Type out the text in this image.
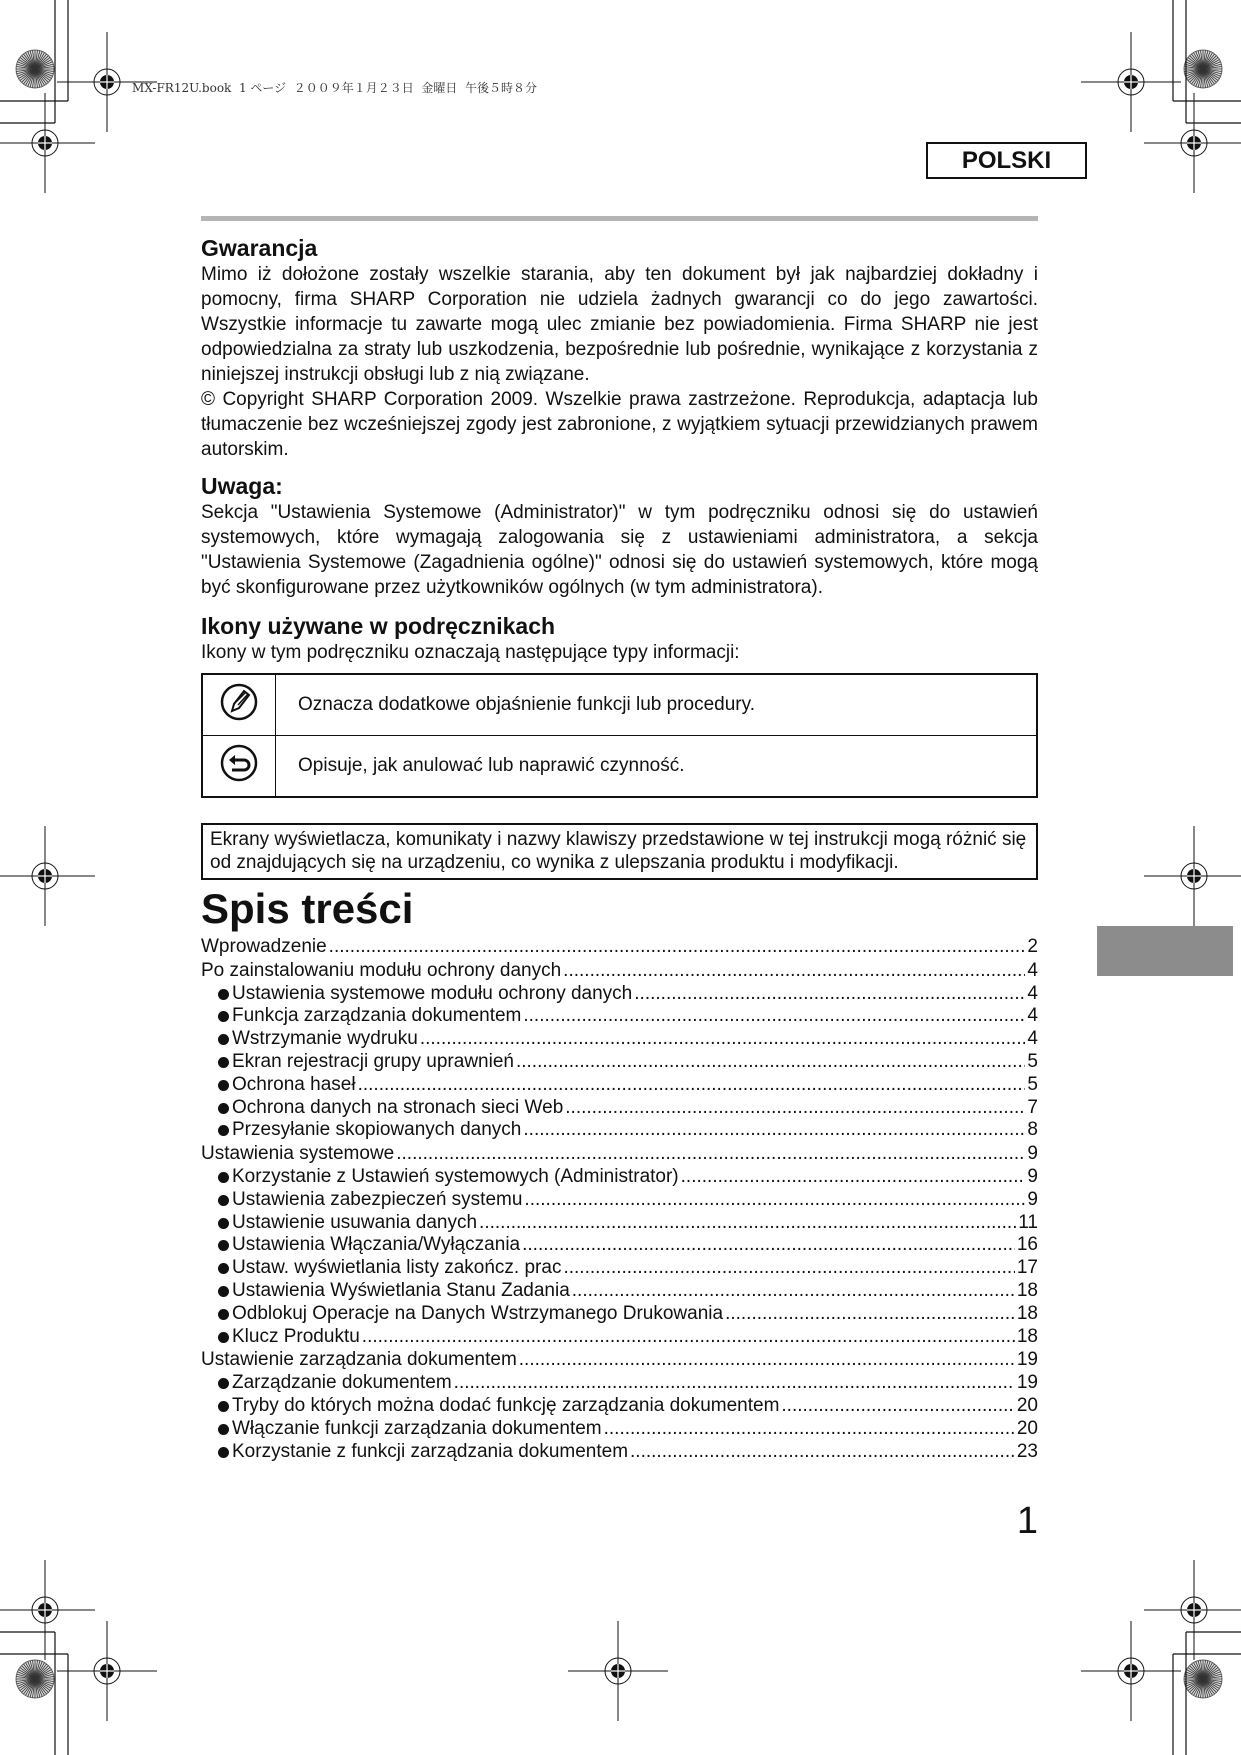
MX-FR12U.book  1 ページ  ２００９年１月２３日  金曜日  午後５時８分
POLSKI
Gwarancja

Mimo iż dołożone zostały wszelkie starania, aby ten dokument był jak najbardziej dokładny i pomocny, firma SHARP Corporation nie udziela żadnych gwarancji co do jego zawartości. Wszystkie informacje tu zawarte mogą ulec zmianie bez powiadomienia. Firma SHARP nie jest odpowiedzialna za straty lub uszkodzenia, bezpośrednie lub pośrednie, wynikające z korzystania z niniejszej instrukcji obsługi lub z nią związane.

© Copyright SHARP Corporation 2009. Wszelkie prawa zastrzeżone. Reprodukcja, adaptacja lub tłumaczenie bez wcześniejszej zgody jest zabronione, z wyjątkiem sytuacji przewidzianych prawem autorskim.

Uwaga:

Sekcja "Ustawienia Systemowe (Administrator)" w tym podręczniku odnosi się do ustawień systemowych, które wymagają zalogowania się z ustawieniami administratora, a sekcja "Ustawienia Systemowe (Zagadnienia ogólne)" odnosi się do ustawień systemowych, które mogą być skonfigurowane przez użytkowników ogólnych (w tym administratora).

Ikony używane w podręcznikach

Ikony w tym podręczniku oznaczają następujące typy informacji:

	Oznacza dodatkowe objaśnienie funkcji lub procedury.
	Opisuje, jak anulować lub naprawić czynność.
Ekrany wyświetlacza, komunikaty i nazwy klawiszy przedstawione w tej instrukcji mogą różnić się od znajdujących się na urządzeniu, co wynika z ulepszania produktu i modyfikacji.
Spis treści
Wprowadzenie .....	2
Po zainstalowaniu modułu ochrony danych .....	4
Ustawienia systemowe modułu ochrony danych .....	4
Funkcja zarządzania dokumentem .....	4
Wstrzymanie wydruku .....	4
Ekran rejestracji grupy uprawnień .....	5
Ochrona haseł .....	5
Ochrona danych na stronach sieci Web .....	7
Przesyłanie skopiowanych danych .....	8
Ustawienia systemowe .....	9
Korzystanie z Ustawień systemowych (Administrator) .....	9
Ustawienia zabezpieczeń systemu .....	9
Ustawienie usuwania danych .....	11
Ustawienia Włączania/Wyłączania .....	16
Ustaw. wyświetlania listy zakończ. prac .....	17
Ustawienia Wyświetlania Stanu Zadania .....	18
Odblokuj Operacje na Danych Wstrzymanego Drukowania .....	18
Klucz Produktu .....	18
Ustawienie zarządzania dokumentem .....	19
Zarządzanie dokumentem .....	19
Tryby do których można dodać funkcję zarządzania dokumentem .....	20
Włączanie funkcji zarządzania dokumentem .....	20
Korzystanie z funkcji zarządzania dokumentem .....	23
1
